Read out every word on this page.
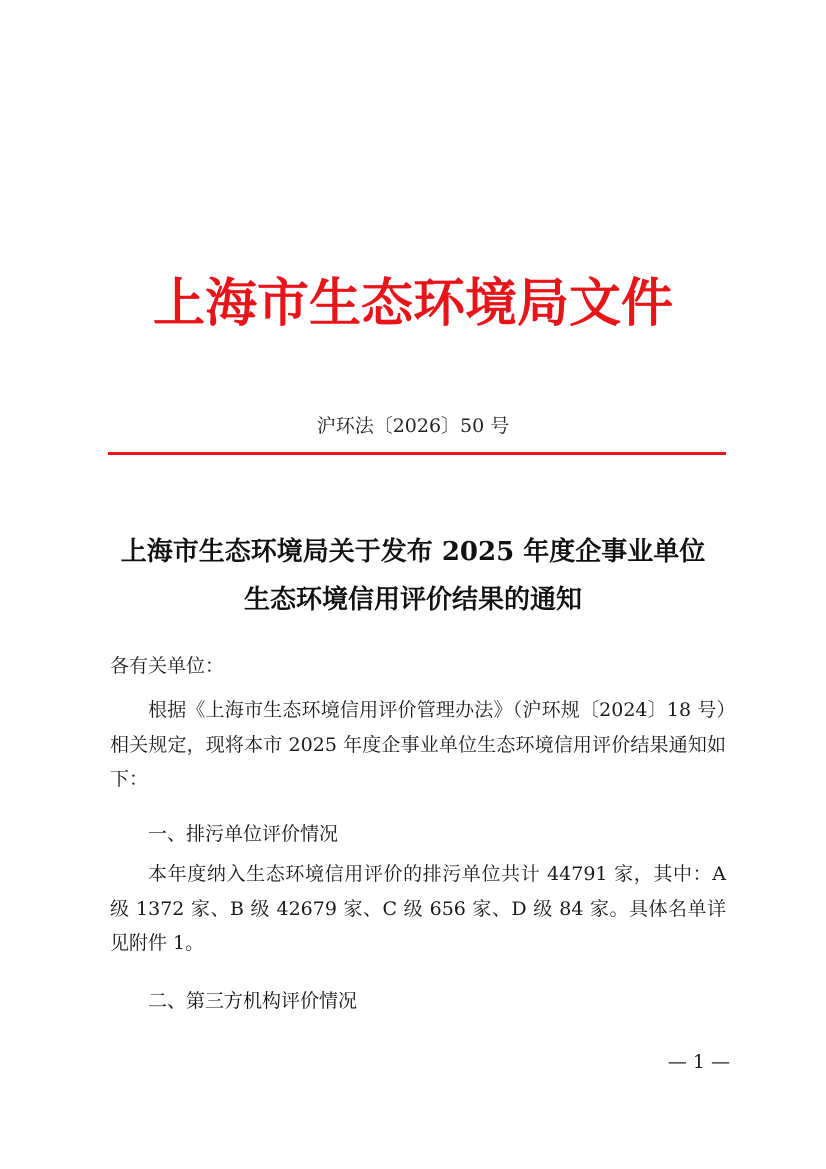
上海市生态环境局文件
沪环法〔2026〕50 号
上海市生态环境局关于发布 2025 年度企事业单位
生态环境信用评价结果的通知
各有关单位：
根据《上海市生态环境信用评价管理办法》（沪环规〔2024〕18 号）相关规定，现将本市 2025 年度企事业单位生态环境信用评价结果通知如下：
一、排污单位评价情况
本年度纳入生态环境信用评价的排污单位共计 44791 家，其中：A 级 1372 家、B 级 42679 家、C 级 656 家、D 级 84 家。具体名单详见附件 1。
二、第三方机构评价情况
— 1 —
